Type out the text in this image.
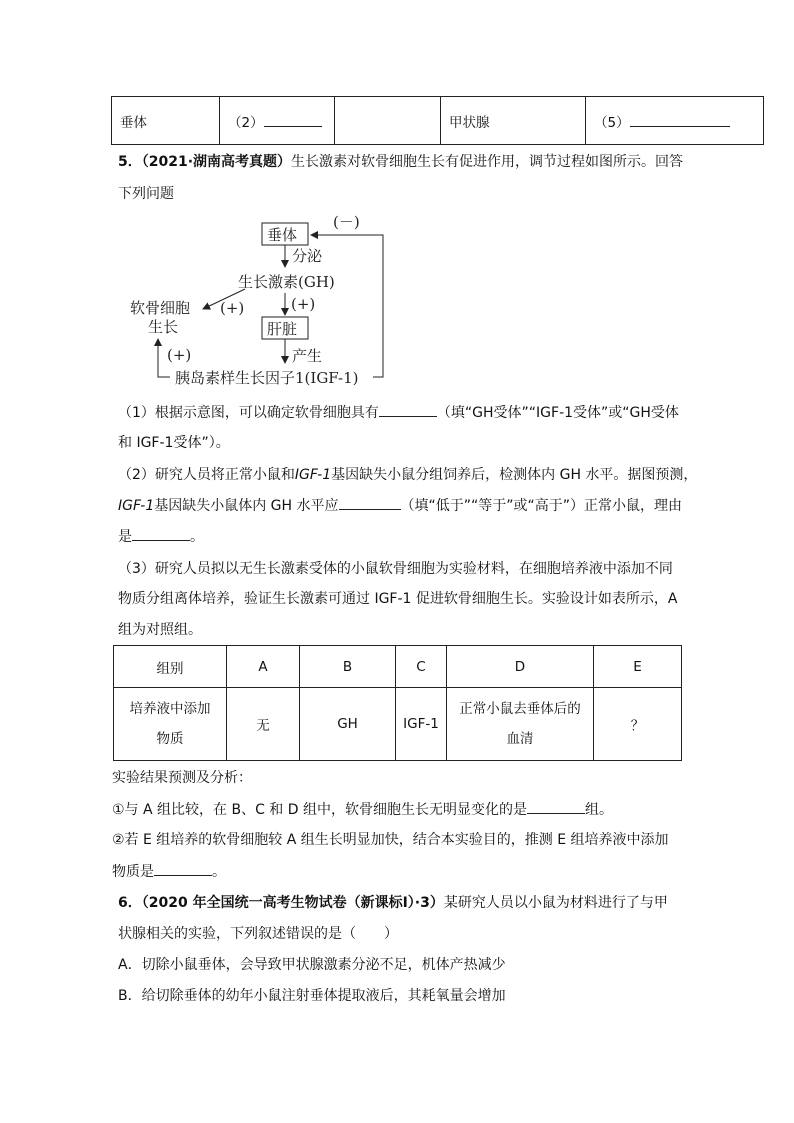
垂体	（2）		甲状腺	（5）
5．（2021·湖南高考真题）生长激素对软骨细胞生长有促进作用，调节过程如图所示。回答
下列问题
垂体
(－)
分泌
生长激素(GH)
(+)
软骨细胞
生长
(+)
肝脏
产生
胰岛素样生长因子1(IGF-1)
(+)
（1）根据示意图，可以确定软骨细胞具有	（填“GH受体”“IGF-1受体”或“GH受体
和 IGF-1受体”）。
（2）研究人员将正常小鼠和IGF-1基因缺失小鼠分组饲养后，检测体内 GH 水平。据图预测，
IGF-1基因缺失小鼠体内 GH 水平应	（填“低于”“等于”或“高于”）正常小鼠，理由
是	。
（3）研究人员拟以无生长激素受体的小鼠软骨细胞为实验材料，在细胞培养液中添加不同
物质分组离体培养，验证生长激素可通过 IGF-1 促进软骨细胞生长。实验设计如表所示，A
组为对照组。
组别	A	B	C	D	E
培养液中添加
物质	无	GH	IGF-1	正常小鼠去垂体后的
血清	？
实验结果预测及分析：
①与 A 组比较，在 B、C 和 D 组中，软骨细胞生长无明显变化的是	组。
②若 E 组培养的软骨细胞较 A 组生长明显加快，结合本实验目的，推测 E 组培养液中添加
物质是	。
6．（2020 年全国统一高考生物试卷（新课标Ⅰ）·3）某研究人员以小鼠为材料进行了与甲
状腺相关的实验，下列叙述错误的是（　　）
A．切除小鼠垂体，会导致甲状腺激素分泌不足，机体产热减少
B．给切除垂体的幼年小鼠注射垂体提取液后，其耗氧量会增加
